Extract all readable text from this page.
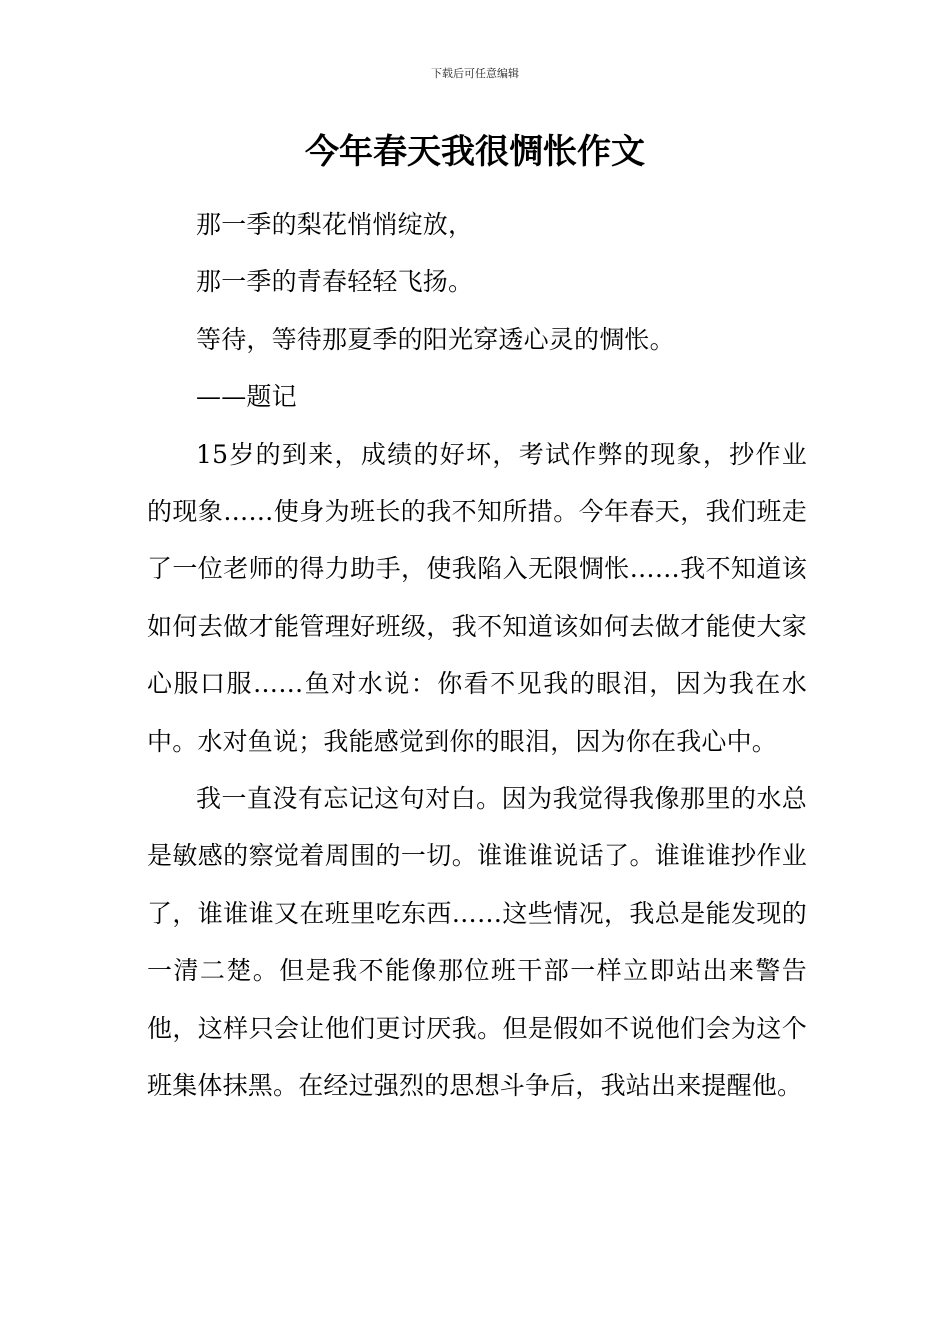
下载后可任意编辑
今年春天我很惆怅作文

那一季的梨花悄悄绽放，

那一季的青春轻轻飞扬。

等待，等待那夏季的阳光穿透心灵的惆怅。

——题记

15岁的到来，成绩的好坏，考试作弊的现象，抄作业的现象……使身为班长的我不知所措。今年春天，我们班走了一位老师的得力助手，使我陷入无限惆怅……我不知道该如何去做才能管理好班级，我不知道该如何去做才能使大家心服口服……鱼对水说：你看不见我的眼泪，因为我在水中。水对鱼说；我能感觉到你的眼泪，因为你在我心中。

我一直没有忘记这句对白。因为我觉得我像那里的水总是敏感的察觉着周围的一切。谁谁谁说话了。谁谁谁抄作业了，谁谁谁又在班里吃东西……这些情况，我总是能发现的一清二楚。但是我不能像那位班干部一样立即站出来警告他，这样只会让他们更讨厌我。但是假如不说他们会为这个班集体抹黑。在经过强烈的思想斗争后，我站出来提醒他。
